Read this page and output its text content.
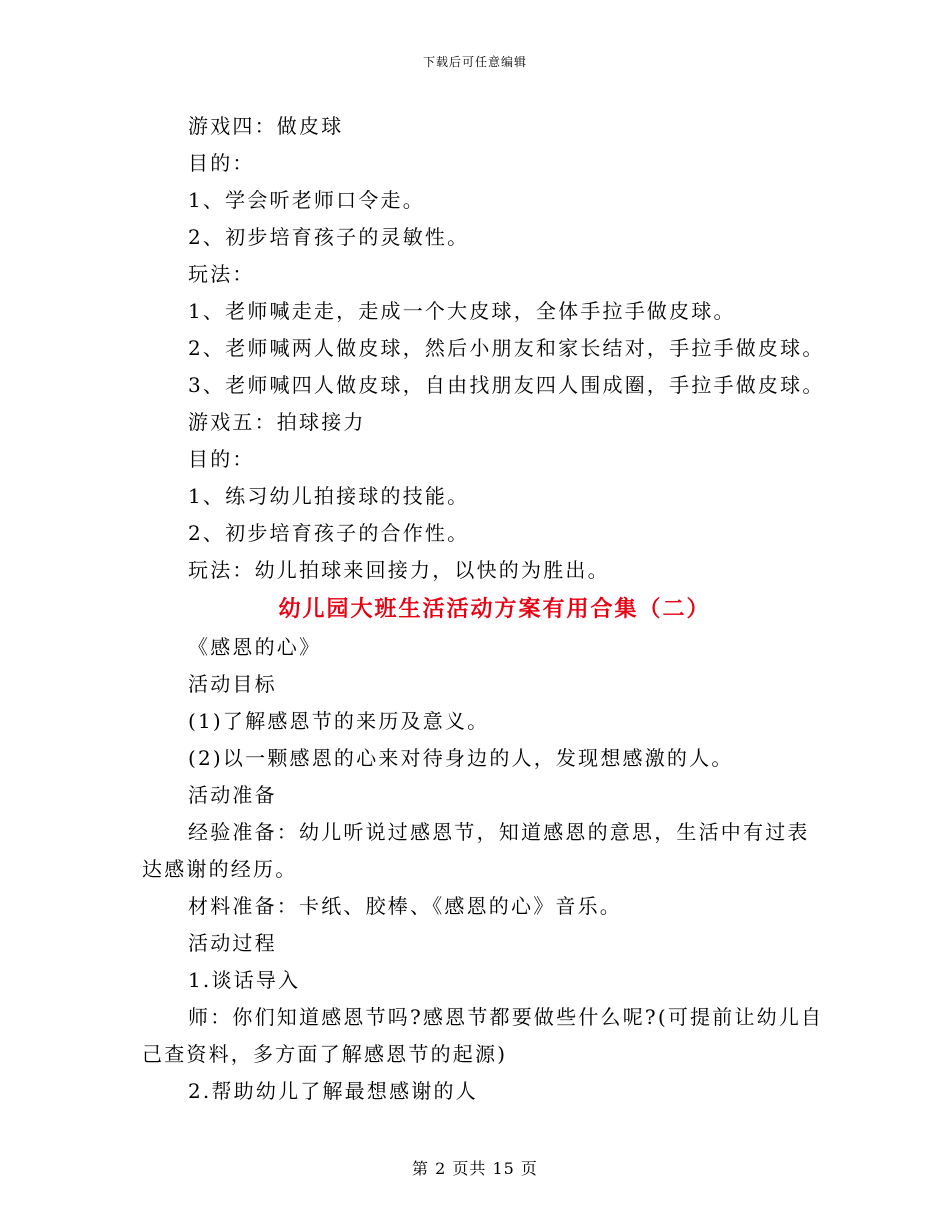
下载后可任意编辑
游戏四：做皮球
目的：
1、学会听老师口令走。
2、初步培育孩子的灵敏性。
玩法：
1、老师喊走走，走成一个大皮球，全体手拉手做皮球。
2、老师喊两人做皮球，然后小朋友和家长结对，手拉手做皮球。
3、老师喊四人做皮球，自由找朋友四人围成圈，手拉手做皮球。
游戏五：拍球接力
目的：
1、练习幼儿拍接球的技能。
2、初步培育孩子的合作性。
玩法：幼儿拍球来回接力，以快的为胜出。
幼儿园大班生活活动方案有用合集（二）
《感恩的心》
活动目标
(1)了解感恩节的来历及意义。
(2)以一颗感恩的心来对待身边的人，发现想感激的人。
活动准备
经验准备：幼儿听说过感恩节，知道感恩的意思，生活中有过表
达感谢的经历。
材料准备：卡纸、胶棒、《感恩的心》音乐。
活动过程
1.谈话导入
师：你们知道感恩节吗?感恩节都要做些什么呢?(可提前让幼儿自
己查资料，多方面了解感恩节的起源)
2.帮助幼儿了解最想感谢的人
第 2 页共 15 页
